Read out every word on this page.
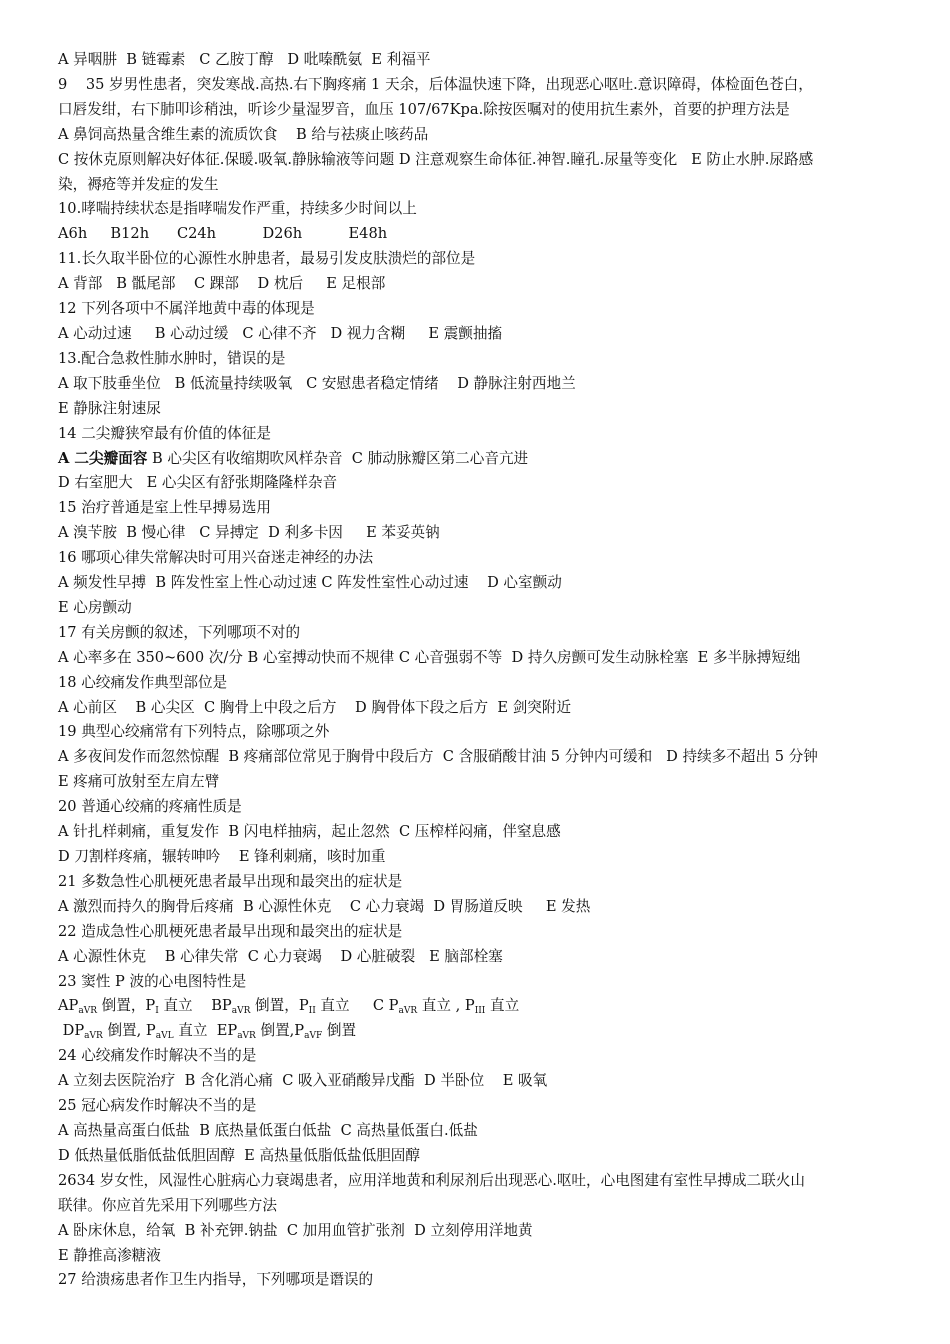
A 异咽肼  B 链霉素   C 乙胺丁醇   D 吡嗪酰氨  E 利福平
9    35 岁男性患者，突发寒战.高热.右下胸疼痛 1 天余，后体温快速下降，出现恶心呕吐.意识障碍，体检面色苍白，
口唇发绀，右下肺叩诊稍浊，听诊少量湿罗音，血压 107/67Kpa.除按医嘱对的使用抗生素外，首要的护理方法是
A 鼻饲高热量含维生素的流质饮食    B 给与祛痰止咳药品
C 按休克原则解决好体征.保暖.吸氧.静脉输液等问题 D 注意观察生命体征.神智.瞳孔.尿量等变化   E 防止水肿.尿路感
染，褥疮等并发症的发生
10.哮喘持续状态是指哮喘发作严重，持续多少时间以上
A6h     B12h      C24h          D26h          E48h
11.长久取半卧位的心源性水肿患者，最易引发皮肤溃烂的部位是
A 背部   B 骶尾部    C 踝部    D 枕后     E 足根部
12 下列各项中不属洋地黄中毒的体现是
A 心动过速     B 心动过缓   C 心律不齐   D 视力含糊     E 震颤抽搐
13.配合急救性肺水肿时，错误的是
A 取下肢垂坐位   B 低流量持续吸氧   C 安慰患者稳定情绪    D 静脉注射西地兰
E 静脉注射速尿
14 二尖瓣狭窄最有价值的体征是
A 二尖瓣面容 B 心尖区有收缩期吹风样杂音  C 肺动脉瓣区第二心音亢进
D 右室肥大   E 心尖区有舒张期隆隆样杂音
15 治疗普通是室上性早搏易选用
A 溴苄胺  B 慢心律   C 异搏定  D 利多卡因     E 苯妥英钠
16 哪项心律失常解决时可用兴奋迷走神经的办法
A 频发性早搏  B 阵发性室上性心动过速 C 阵发性室性心动过速    D 心室颤动
E 心房颤动
17 有关房颤的叙述，下列哪项不对的
A 心率多在 350~600 次/分 B 心室搏动快而不规律 C 心音强弱不等  D 持久房颤可发生动脉栓塞  E 多半脉搏短绌
18 心绞痛发作典型部位是
A 心前区    B 心尖区  C 胸骨上中段之后方    D 胸骨体下段之后方  E 剑突附近
19 典型心绞痛常有下列特点，除哪项之外
A 多夜间发作而忽然惊醒  B 疼痛部位常见于胸骨中段后方  C 含服硝酸甘油 5 分钟内可缓和   D 持续多不超出 5 分钟
E 疼痛可放射至左肩左臂
20 普通心绞痛的疼痛性质是
A 针扎样刺痛，重复发作  B 闪电样抽病，起止忽然  C 压榨样闷痛，伴窒息感
D 刀割样疼痛，辗转呻吟    E 锋利刺痛，咳时加重
21 多数急性心肌梗死患者最早出现和最突出的症状是
A 激烈而持久的胸骨后疼痛  B 心源性休克    C 心力衰竭  D 胃肠道反映     E 发热
22 造成急性心肌梗死患者最早出现和最突出的症状是
A 心源性休克    B 心律失常  C 心力衰竭    D 心脏破裂   E 脑部栓塞
23 窦性 P 波的心电图特性是
$AP_{aVR}$ 倒置，$P_I$ 直立    $BP_{aVR}$ 倒置，$P_{II}$ 直立     C $P_{aVR}$ 直立 , $P_{III}$ 直立
$DP_{aVR}$ 倒置, $P_{aVL}$ 直立  $EP_{aVR}$ 倒置$,P_{aVF}$ 倒置
24 心绞痛发作时解决不当的是
A 立刻去医院治疗  B 含化消心痛  C 吸入亚硝酸异戊酯  D 半卧位    E 吸氧
25 冠心病发作时解决不当的是
A 高热量高蛋白低盐  B 底热量低蛋白低盐  C 高热量低蛋白.低盐
D 低热量低脂低盐低胆固醇  E 高热量低脂低盐低胆固醇
2634 岁女性，风湿性心脏病心力衰竭患者，应用洋地黄和利尿剂后出现恶心.呕吐，心电图建有室性早搏成二联火山
联律。你应首先采用下列哪些方法
A 卧床休息，给氧  B 补充钾.钠盐  C 加用血管扩张剂  D 立刻停用洋地黄
E 静推高渗糖液
27 给溃疡患者作卫生内指导，下列哪项是谮误的
